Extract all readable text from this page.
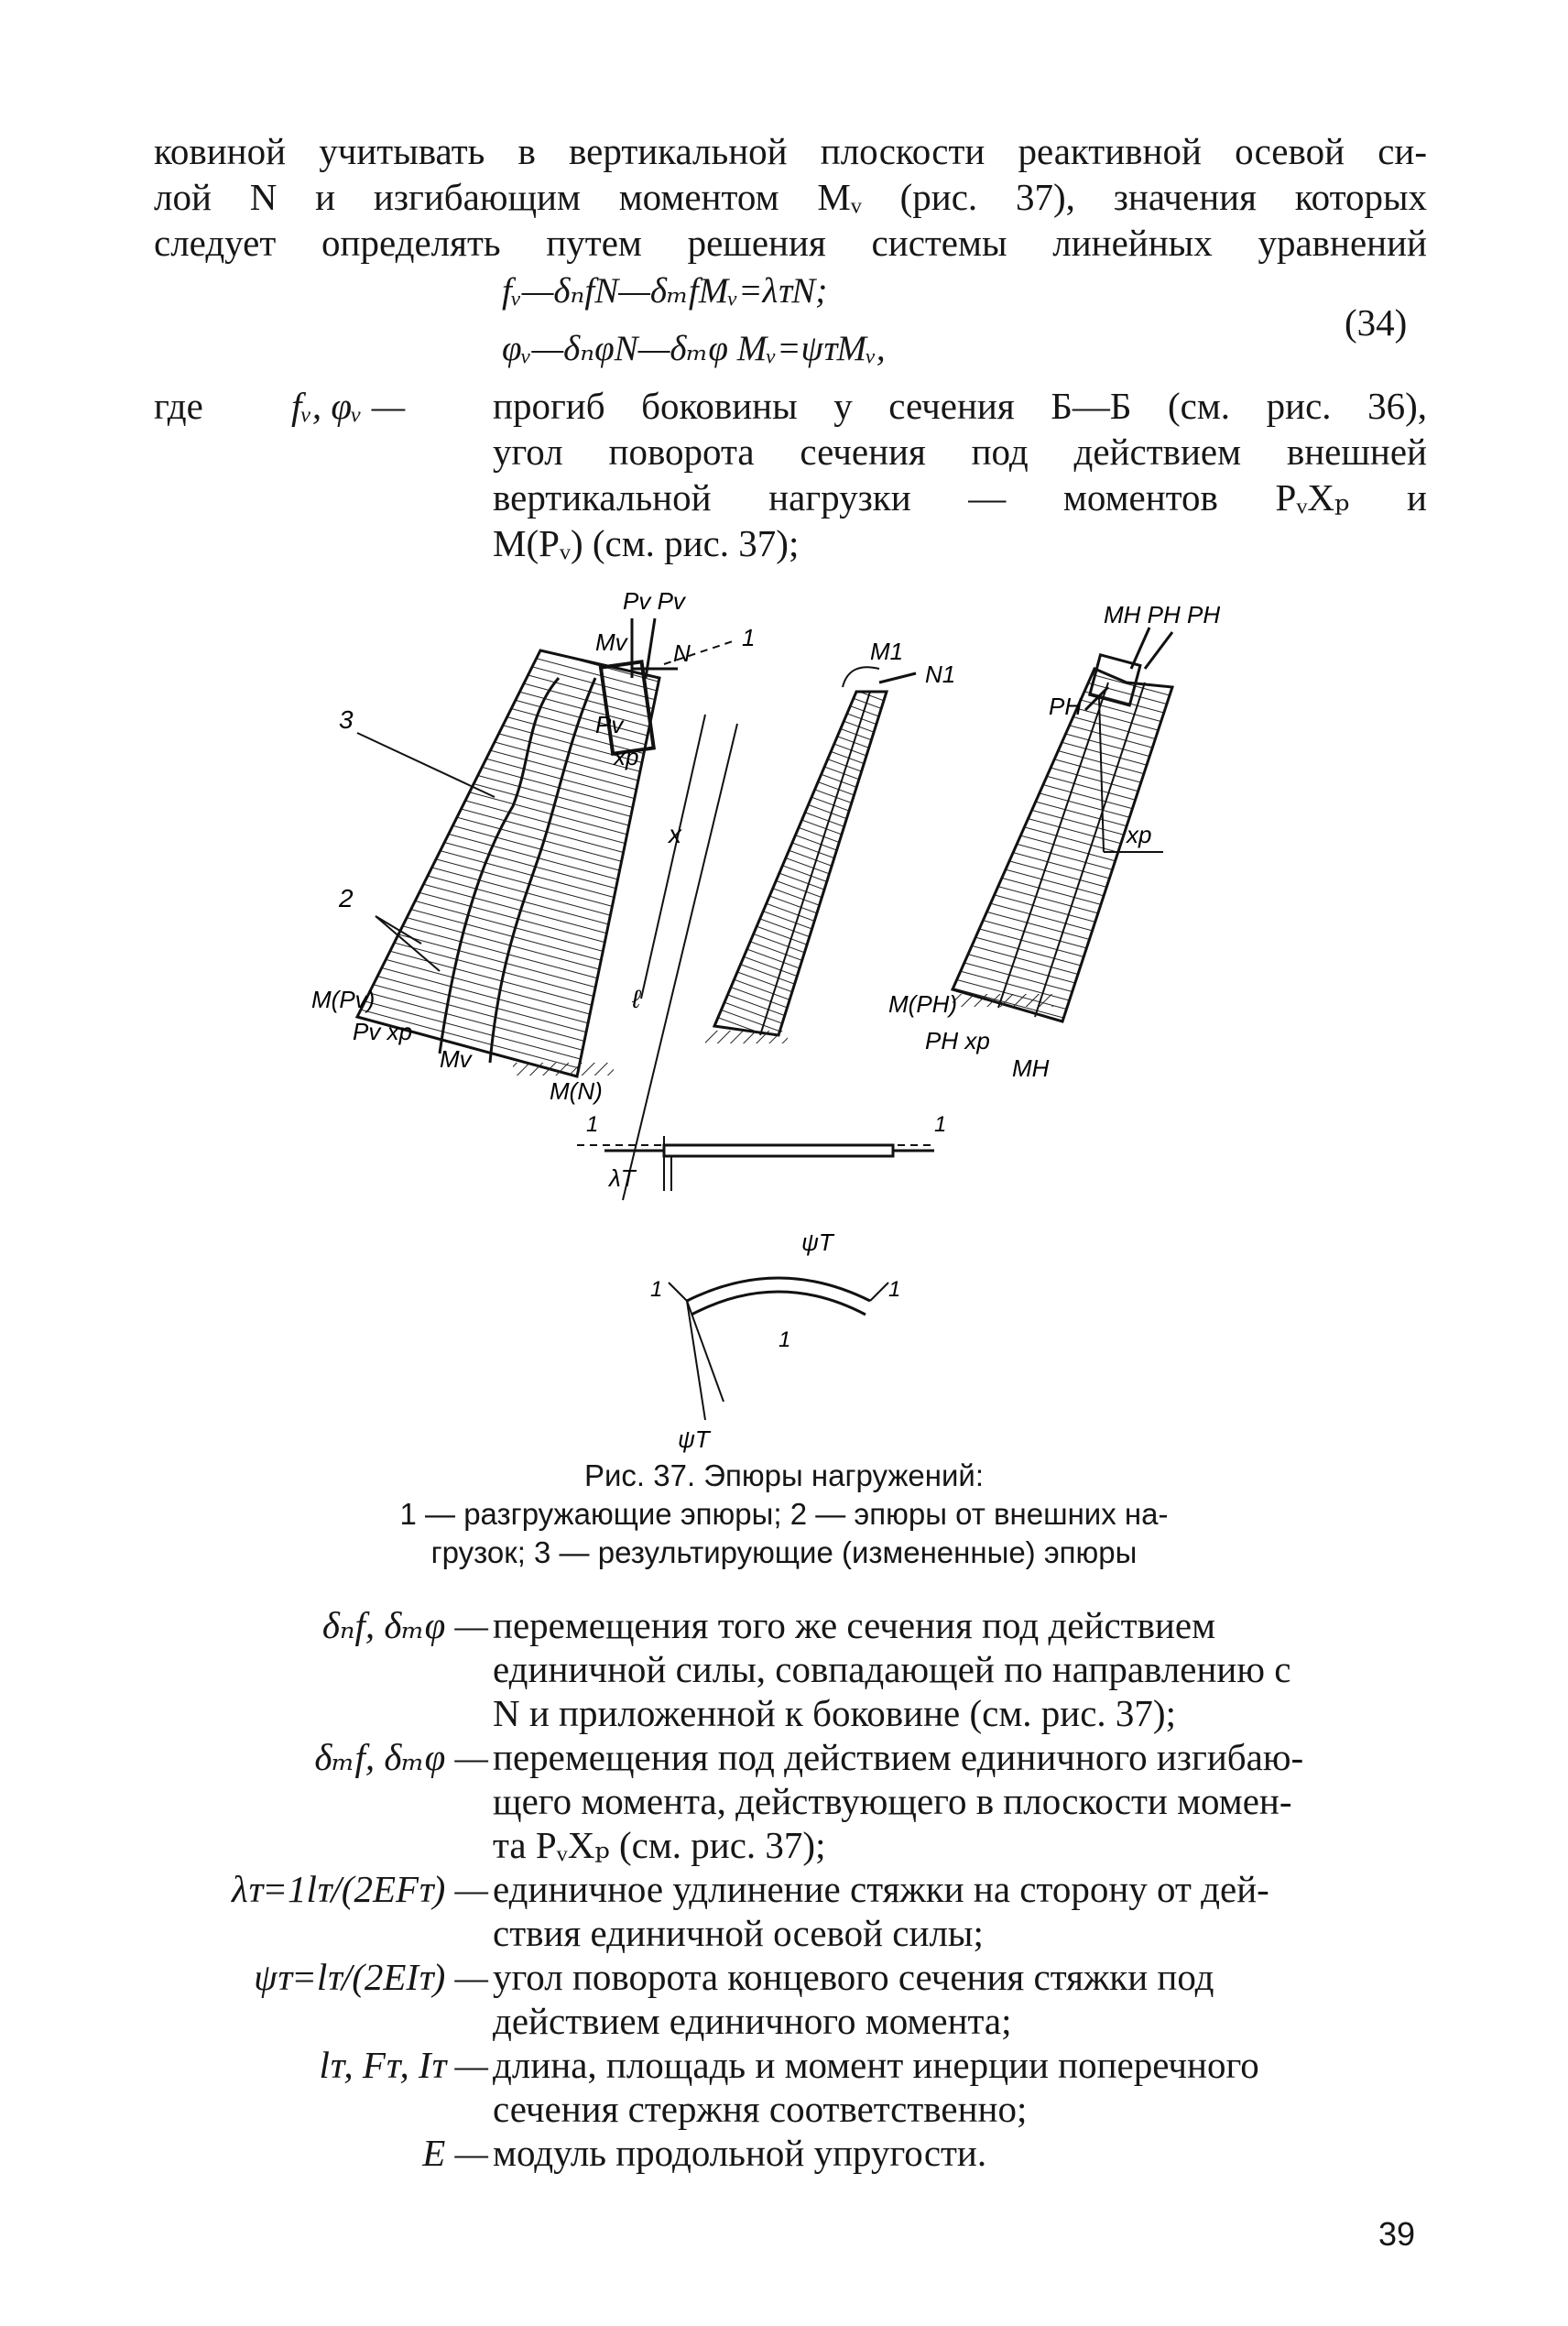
ковиной учитывать в вертикальной плоскости реактивной осевой си-
лой N и изгибающим моментом Mᵥ (рис. 37), значения которых
следует определять путем решения системы линейных уравнений
fᵥ—δₙfN—δₘfMᵥ=λᴛN;
φᵥ—δₙφN—δₘφ Mᵥ=ψᴛMᵥ,
(34)
где	fᵥ, φᵥ —	прогиб боковины у сечения Б—Б (см. рис. 36),
угол поворота сечения под действием внешней
вертикальной нагрузки — моментов PᵥXₚ и
M(Pᵥ) (см. рис. 37);
Pv Pv
Mv N
1
3
2
Pv
xp
x
ℓ
M(Pv)
Pv xp
Mv
M(N)
M1
N1
MH PH PH
PH
xp
M(PH)
PH xp
MH
1	1
λT
ψT
1	1
1
ψT
Рис. 37. Эпюры нагружений:
1 — разгружающие эпюры; 2 — эпюры от внешних на-
грузок; 3 — результирующие (измененные) эпюры
δₙf, δₘφ — перемещения того же сечения под действием
единичной силы, совпадающей по направлению с
N и приложенной к боковине (см. рис. 37);
δₘf, δₘφ — перемещения под действием единичного изгибаю-
щего момента, действующего в плоскости момен-
та PᵥXₚ (см. рис. 37);
λᴛ=1lᴛ/(2EFᴛ) — единичное удлинение стяжки на сторону от дей-
ствия единичной осевой силы;
ψᴛ=lᴛ/(2EIᴛ) — угол поворота концевого сечения стяжки под
действием единичного момента;
lᴛ, Fᴛ, Iᴛ — длина, площадь и момент инерции поперечного
сечения стержня соответственно;
E — модуль продольной упругости.
39
